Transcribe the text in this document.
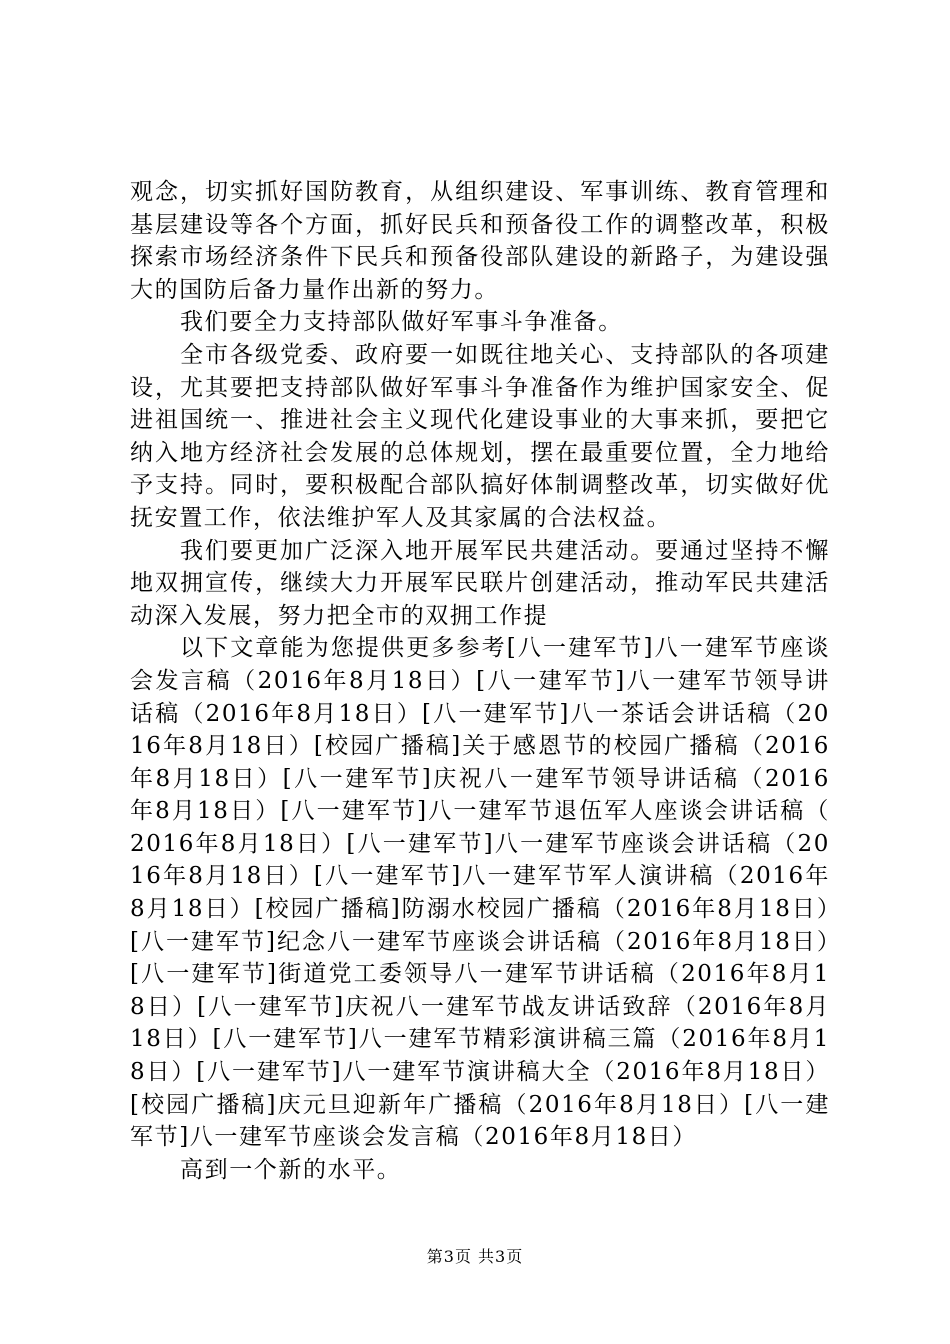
观念，切实抓好国防教育，从组织建设、军事训练、教育管理和基层建设等各个方面，抓好民兵和预备役工作的调整改革，积极探索市场经济条件下民兵和预备役部队建设的新路子，为建设强大的国防后备力量作出新的努力。

我们要全力支持部队做好军事斗争准备。

全市各级党委、政府要一如既往地关心、支持部队的各项建设，尤其要把支持部队做好军事斗争准备作为维护国家安全、促进祖国统一、推进社会主义现代化建设事业的大事来抓，要把它纳入地方经济社会发展的总体规划，摆在最重要位置，全力地给予支持。同时，要积极配合部队搞好体制调整改革，切实做好优抚安置工作，依法维护军人及其家属的合法权益。

我们要更加广泛深入地开展军民共建活动。要通过坚持不懈地双拥宣传，继续大力开展军民联片创建活动，推动军民共建活动深入发展，努力把全市的双拥工作提

以下文章能为您提供更多参考[八一建军节]八一建军节座谈会发言稿（2016年8月18日）[八一建军节]八一建军节领导讲话稿（2016年8月18日）[八一建军节]八一茶话会讲话稿（2016年8月18日）[校园广播稿]关于感恩节的校园广播稿（2016年8月18日）[八一建军节]庆祝八一建军节领导讲话稿（2016年8月18日）[八一建军节]八一建军节退伍军人座谈会讲话稿（2016年8月18日）[八一建军节]八一建军节座谈会讲话稿（2016年8月18日）[八一建军节]八一建军节军人演讲稿（2016年8月18日）[校园广播稿]防溺水校园广播稿（2016年8月18日）[八一建军节]纪念八一建军节座谈会讲话稿（2016年8月18日）[八一建军节]街道党工委领导八一建军节讲话稿（2016年8月18日）[八一建军节]庆祝八一建军节战友讲话致辞（2016年8月18日）[八一建军节]八一建军节精彩演讲稿三篇（2016年8月18日）[八一建军节]八一建军节演讲稿大全（2016年8月18日）[校园广播稿]庆元旦迎新年广播稿（2016年8月18日）[八一建军节]八一建军节座谈会发言稿（2016年8月18日）

高到一个新的水平。

第3页 共3页
